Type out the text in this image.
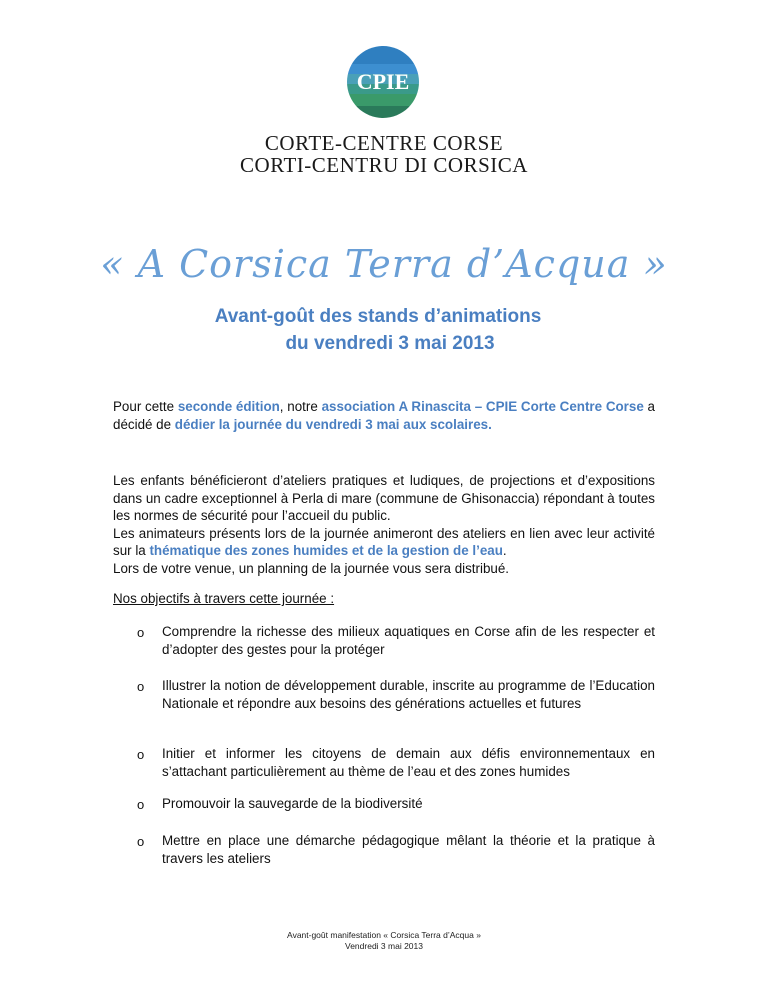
CPIE
CORTE-CENTRE CORSE
CORTI-CENTRU DI CORSICA
« A Corsica Terra d’Acqua »
Avant-goût des stands d’animations
du vendredi 3 mai 2013
Pour cette seconde édition, notre association A Rinascita – CPIE Corte Centre Corse a décidé de dédier la journée du vendredi 3 mai aux scolaires.
Les enfants bénéficieront d’ateliers pratiques et ludiques, de projections et d’expositions dans un cadre exceptionnel à Perla di mare (commune de Ghisonaccia) répondant à toutes les normes de sécurité pour l’accueil du public.
Les animateurs présents lors de la journée animeront des ateliers en lien avec leur activité sur la thématique des zones humides et de la gestion de l’eau.
Lors de votre venue, un planning de la journée vous sera distribué.
Nos objectifs à travers cette journée :
o Comprendre la richesse des milieux aquatiques en Corse afin de les respecter et d’adopter des gestes pour la protéger
o Illustrer la notion de développement durable, inscrite au programme de l’Education Nationale et répondre aux besoins des générations actuelles et futures
o Initier et informer les citoyens de demain aux défis environnementaux en s’attachant particulièrement au thème de l’eau et des zones humides
o Promouvoir la sauvegarde de la biodiversité
o Mettre en place une démarche pédagogique mêlant la théorie et la pratique à travers les ateliers
Avant-goût manifestation « Corsica Terra d’Acqua »
Vendredi 3 mai 2013
